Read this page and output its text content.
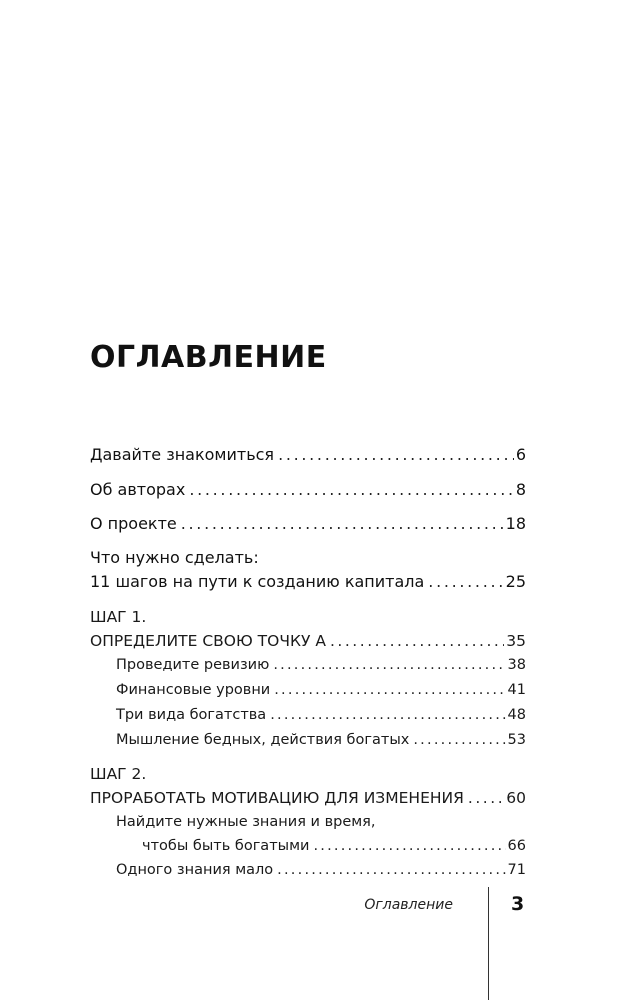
ОГЛАВЛЕНИЕ
Давайте знакомиться . . .	6
Об авторах . . .	8
О проекте . . .	18
Что нужно сделать:
11 шагов на пути к созданию капитала . . .	25
ШАГ 1.
ОПРЕДЕЛИТЕ СВОЮ ТОЧКУ А . . .	35
Проведите ревизию . . .	38
Финансовые уровни . . .	41
Три вида богатства . . .	48
Мышление бедных, действия богатых . . .	53
ШАГ 2.
ПРОРАБОТАТЬ МОТИВАЦИЮ ДЛЯ ИЗМЕНЕНИЯ . . .	60
Найдите нужные знания и время,
чтобы быть богатыми . . .	66
Одного знания мало . . .	71
Оглавление	3
